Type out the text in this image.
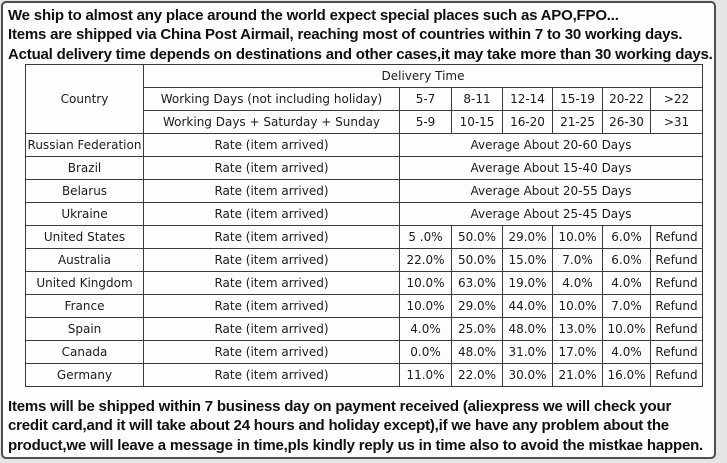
We ship to almost any place around the world expect special places such as APO,FPO...
Items are shipped via China Post Airmail, reaching most of countries within 7 to 30 working days.
Actual delivery time depends on destinations and other cases,it may take more than 30 working days.
Country	Delivery Time						
	Working Days (not including holiday)	5-7	8-11	12-14	15-19	20-22	>22
	Working Days + Saturday + Sunday	5-9	10-15	16-20	21-25	26-30	>31
Russian Federation	Rate (item arrived)	Average About 20-60 Days					
Brazil	Rate (item arrived)	Average About 15-40 Days					
Belarus	Rate (item arrived)	Average About 20-55 Days					
Ukraine	Rate (item arrived)	Average About 25-45 Days					
United States	Rate (item arrived)	5 .0%	50.0%	29.0%	10.0%	6.0%	Refund
Australia	Rate (item arrived)	22.0%	50.0%	15.0%	7.0%	6.0%	Refund
United Kingdom	Rate (item arrived)	10.0%	63.0%	19.0%	4.0%	4.0%	Refund
France	Rate (item arrived)	10.0%	29.0%	44.0%	10.0%	7.0%	Refund
Spain	Rate (item arrived)	4.0%	25.0%	48.0%	13.0%	10.0%	Refund
Canada	Rate (item arrived)	0.0%	48.0%	31.0%	17.0%	4.0%	Refund
Germany	Rate (item arrived)	11.0%	22.0%	30.0%	21.0%	16.0%	Refund
Items will be shipped within 7 business day on payment received (aliexpress we will check your credit card,and it will take about 24 hours and holiday except),if we have any problem about the product,we will leave a message in time,pls kindly reply us in time also to avoid the mistkae happen.
